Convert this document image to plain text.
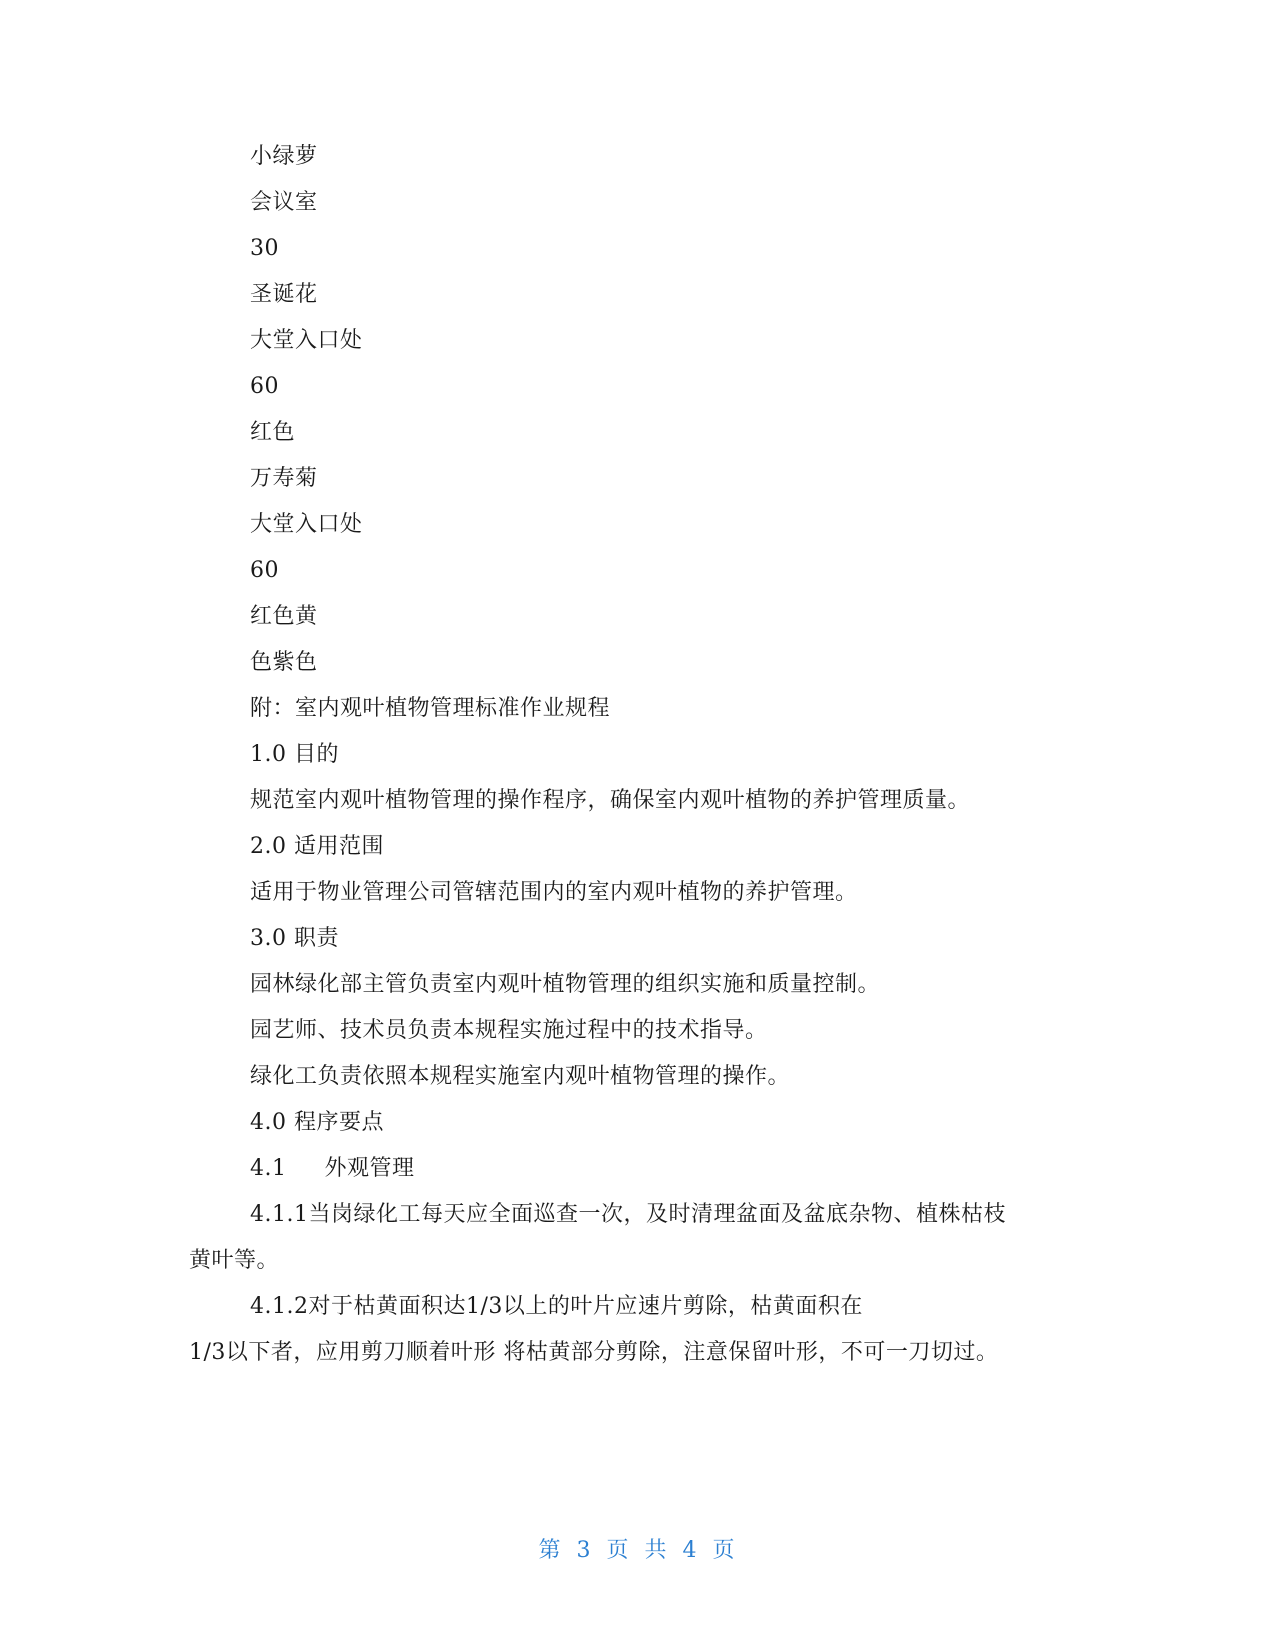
小绿萝
会议室
30
圣诞花
大堂入口处
60
红色
万寿菊
大堂入口处
60
红色黄
色紫色
附：室内观叶植物管理标准作业规程
1.0 目的
规范室内观叶植物管理的操作程序，确保室内观叶植物的养护管理质量。
2.0 适用范围
适用于物业管理公司管辖范围内的室内观叶植物的养护管理。
3.0 职责
园林绿化部主管负责室内观叶植物管理的组织实施和质量控制。
园艺师、技术员负责本规程实施过程中的技术指导。
绿化工负责依照本规程实施室内观叶植物管理的操作。
4.0 程序要点
4.1 外观管理
4.1.1当岗绿化工每天应全面巡查一次，及时清理盆面及盆底杂物、植株枯枝
黄叶等。
4.1.2对于枯黄面积达1/3以上的叶片应速片剪除，枯黄面积在
1/3以下者，应用剪刀顺着叶形 将枯黄部分剪除，注意保留叶形，不可一刀切过。
第 3 页 共 4 页
